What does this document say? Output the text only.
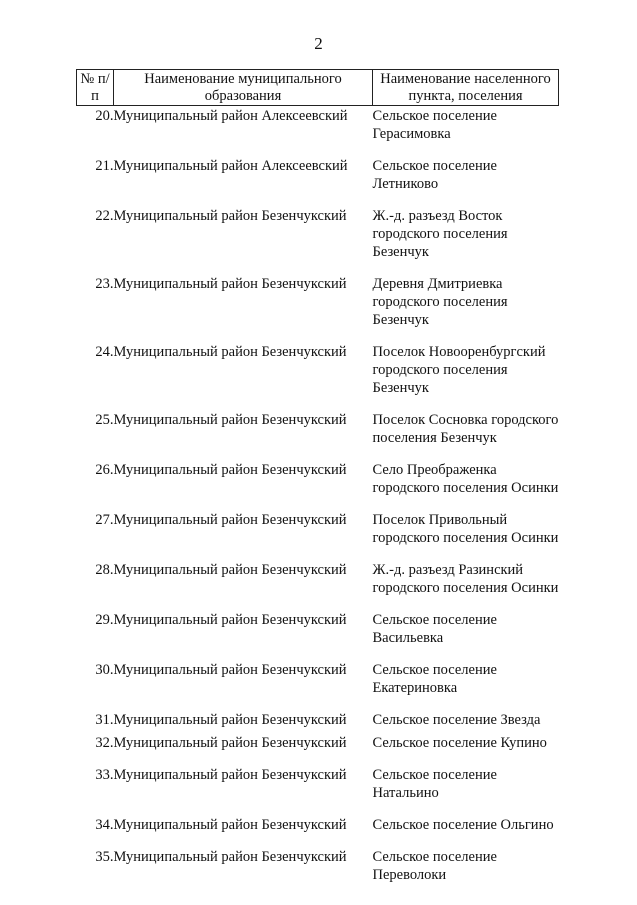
2
№ п/п	Наименование муниципального образования	Наименование населенного пункта, поселения
20.	Муниципальный район Алексеевский	Сельское поселение Герасимовка
21.	Муниципальный район Алексеевский	Сельское поселение Летниково
22.	Муниципальный район Безенчукский	Ж.-д. разъезд Восток городского поселения Безенчук
23.	Муниципальный район Безенчукский	Деревня Дмитриевка городского поселения Безенчук
24.	Муниципальный район Безенчукский	Поселок Новооренбургский городского поселения Безенчук
25.	Муниципальный район Безенчукский	Поселок Сосновка городского поселения Безенчук
26.	Муниципальный район Безенчукский	Село Преображенка городского поселения Осинки
27.	Муниципальный район Безенчукский	Поселок Привольный городского поселения Осинки
28.	Муниципальный район Безенчукский	Ж.-д. разъезд Разинский городского поселения Осинки
29.	Муниципальный район Безенчукский	Сельское поселение Васильевка
30.	Муниципальный район Безенчукский	Сельское поселение Екатериновка
31.	Муниципальный район Безенчукский	Сельское поселение Звезда
32.	Муниципальный район Безенчукский	Сельское поселение Купино
33.	Муниципальный район Безенчукский	Сельское поселение Натальино
34.	Муниципальный район Безенчукский	Сельское поселение Ольгино
35.	Муниципальный район Безенчукский	Сельское поселение Переволоки
